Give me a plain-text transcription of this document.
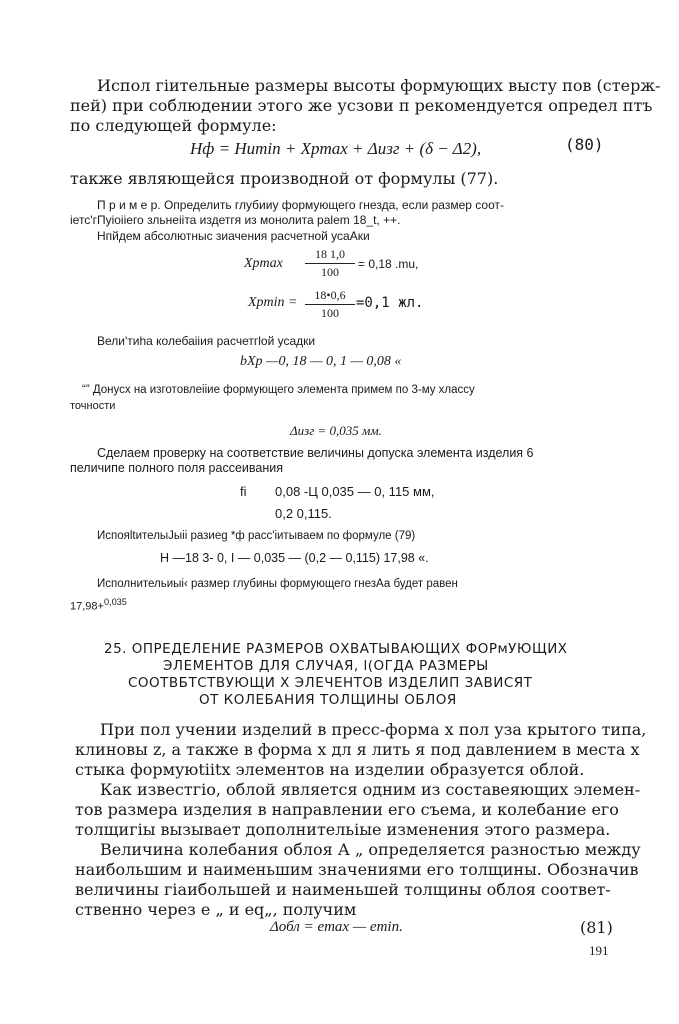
Испол гiительные размеры высоты формующих высту пов (стерж-
пей) при соблюдении этого же усзови п рекомендуется определ птъ
по следующей формуле:
Hф = Hиmin + Xpmax + Δизг + (δ − Δ2),	(80)
также являющейся производной от формулы (77).
П р и м е р. Определить глубииу формующего гнезда, если размер соот-
iетс'гПуioiiего зльнеiiта издетгя из монолита palem 18_t, ++.
Нпйдем абсолютныс зиачения расчетной усаАки
Xpmax
18 1,0
100
= 0,18 .mu,
Xpmin =	18•0,6
100
=0,1 жл.
Вели'тиhа колебаiiия расчетгlой усадки
bXp —0, 18 — 0, 1 — 0,08 «
“” Донусх на изготовлeiiие формующего элемента примем по 3-му хлассу
точности
Δизг = 0,035 мм.
Сделаем проверку на соответствие величины допуска элемента изделия 6
пеличипе полного поля рассеивания
fi 0,08 -Ц 0,035 — 0, 115 мм,
0,2 0,115.
ИспояltителыJыii разиеg *ф расс'iитываем по формуле (79)
Н —18 3- 0, I — 0,035 — (0,2 — 0,115) 17,98 «.
Исполнительиыi‹ размер глубины формующего гнезАа будет равен
17,98+$^{0,035}$
25. ОПРЕДЕЛЕНИЕ РАЗМЕРОВ ОХВАТЫВАЮЩИХ ФОРмУЮЩИХ
ЭЛЕМЕНТОВ ДЛЯ СЛУЧАЯ, l(ОГДА РАЗМЕРЫ
СООТВБТСТВУЮЩИ Х ЭЛЕЧЕНТОВ ИЗДЕЛИП ЗАВИСЯТ
ОТ КОЛЕБАНИЯ ТОЛЩИНЫ ОБЛОЯ
При пол учении изделий в пресс-форма х пол уза крытого типа,
клиновы z, а также в форма х дл я лить я под давлением в места х
стыка формуюtiitх элементов на изделии образуется облой.
Как известгiо, облой является одним из составеяющих элемен-
тов размера изделия в направлении его съема, и колебание его
толщигiы вызывает дополнительiые изменения этого размера.
Величина колебания облоя А „ определяется разностью между
наибольшим и наименьшим значениями его толщины. Обозначив
величины гiаибольшей и наименьшей толщины облоя соответ-
ственно через е „ и еq„, получим
Δобл = emax — emin.	(81)
191
